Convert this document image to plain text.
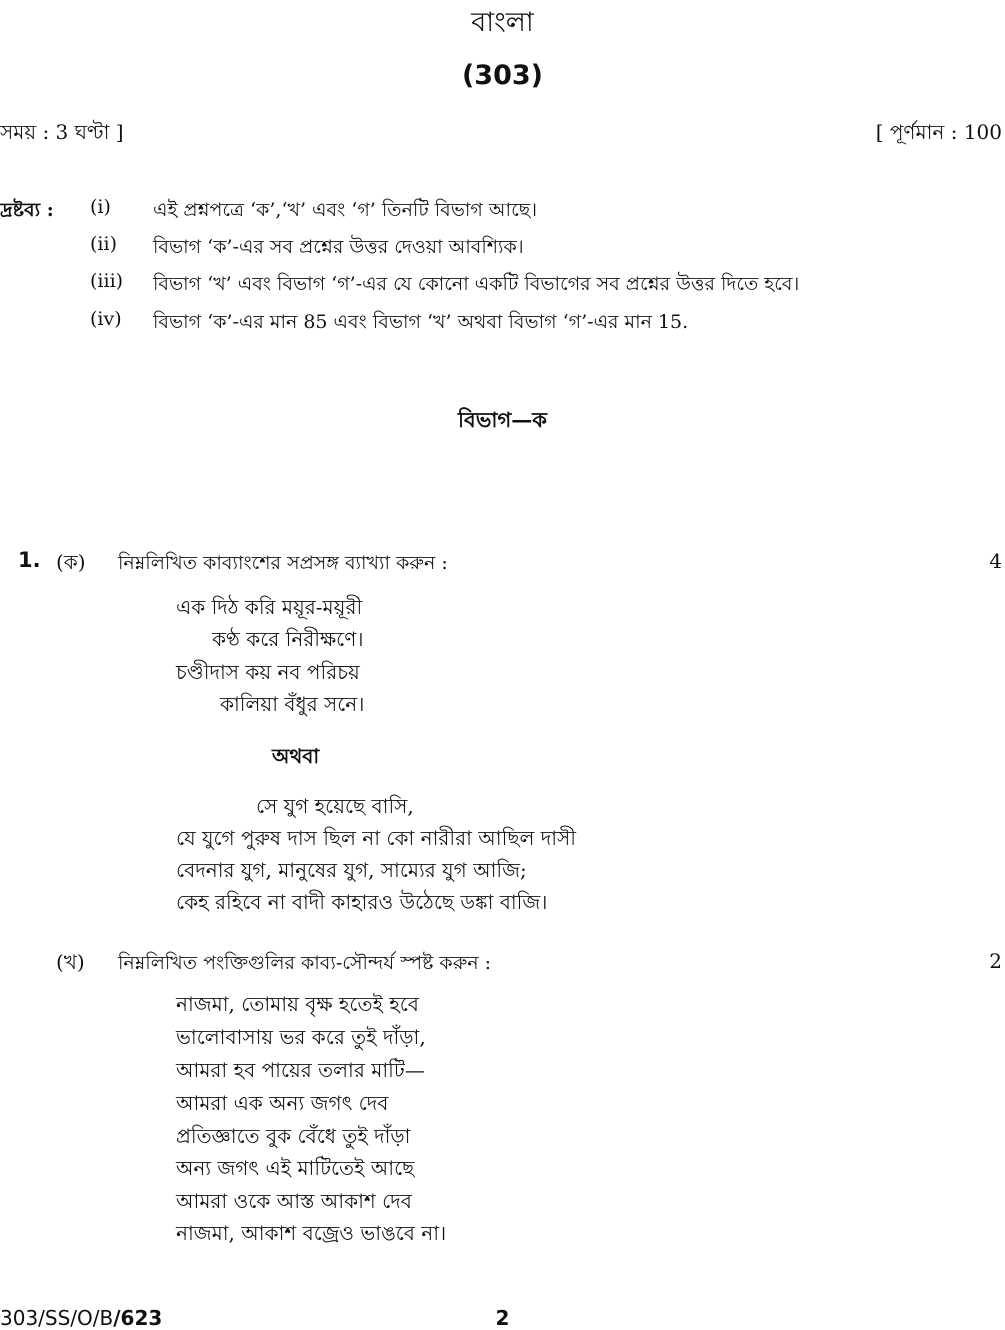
বাংলা
(303)
সময় : 3 ঘণ্টা ]	[ পূর্ণমান : 100
দ্রষ্টব্য : (i) এই প্রশ্নপত্রে ‘ক’,‘খ’ এবং ‘গ’ তিনটি বিভাগ আছে।
(ii) বিভাগ ‘ক’-এর সব প্রশ্নের উত্তর দেওয়া আবশ্যিক।
(iii) বিভাগ ‘খ’ এবং বিভাগ ‘গ’-এর যে কোনো একটি বিভাগের সব প্রশ্নের উত্তর দিতে হবে।
(iv) বিভাগ ‘ক’-এর মান 85 এবং বিভাগ ‘খ’ অথবা বিভাগ ‘গ’-এর মান 15.
বিভাগ—ক
1. (ক) নিম্নলিখিত কাব্যাংশের সপ্রসঙ্গ ব্যাখ্যা করুন :	4
এক দিঠ করি ময়ূর-ময়ূরী
কণ্ঠ করে নিরীক্ষণে।
চণ্ডীদাস কয় নব পরিচয়
কালিয়া বঁধুর সনে।
অথবা
সে যুগ হয়েছে বাসি,
যে যুগে পুরুষ দাস ছিল না কো নারীরা আছিল দাসী
বেদনার যুগ, মানুষের যুগ, সাম্যের যুগ আজি;
কেহ রহিবে না বাদী কাহারও উঠেছে ডঙ্কা বাজি।
(খ) নিম্নলিখিত পংক্তিগুলির কাব্য-সৌন্দর্য স্পষ্ট করুন :	2
নাজমা, তোমায় বৃক্ষ হতেই হবে
ভালোবাসায় ভর করে তুই দাঁড়া,
আমরা হব পায়ের তলার মাটি—
আমরা এক অন্য জগৎ দেব
প্রতিজ্ঞাতে বুক বেঁধে তুই দাঁড়া
অন্য জগৎ এই মাটিতেই আছে
আমরা ওকে আস্ত আকাশ দেব
নাজমা, আকাশ বজ্রেও ভাঙবে না।
303/SS/O/B/623	2
